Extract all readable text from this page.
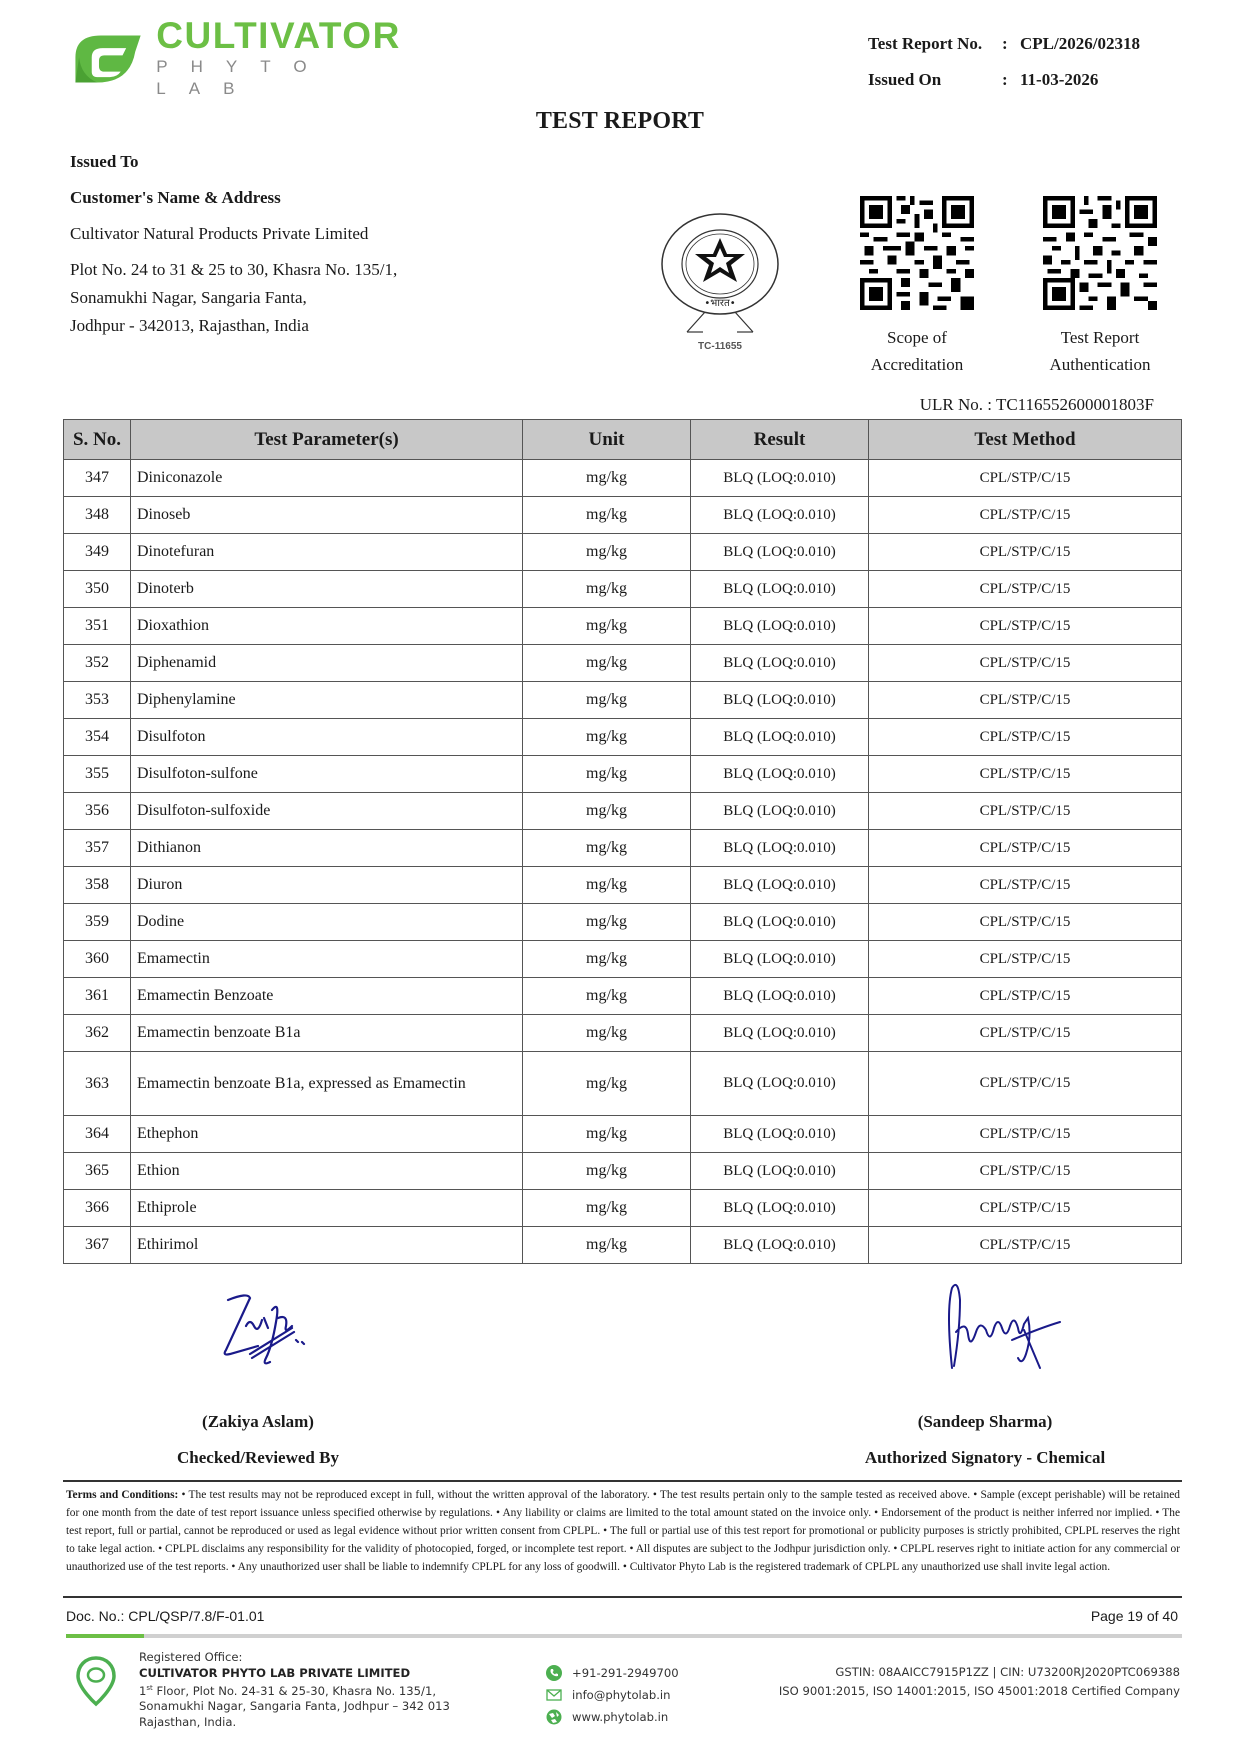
CULTIVATOR
PHYTO LAB
Test Report No.	: CPL/2026/02318
Issued On	: 11-03-2026
TEST REPORT
Issued To
Customer's Name & Address
Cultivator Natural Products Private Limited
Plot No. 24 to 31 & 25 to 30, Khasra No. 135/1,
Sonamukhi Nagar, Sangaria Fanta,
Jodhpur - 342013, Rajasthan, India
•भारत•
TC-11655	Scope of
Accreditation
Test Report
Authentication
ULR No. : TC116552600001803F
S. No.	Test Parameter(s)	Unit	Result	Test Method
347	Diniconazole	mg/kg	BLQ (LOQ:0.010)	CPL/STP/C/15
348	Dinoseb	mg/kg	BLQ (LOQ:0.010)	CPL/STP/C/15
349	Dinotefuran	mg/kg	BLQ (LOQ:0.010)	CPL/STP/C/15
350	Dinoterb	mg/kg	BLQ (LOQ:0.010)	CPL/STP/C/15
351	Dioxathion	mg/kg	BLQ (LOQ:0.010)	CPL/STP/C/15
352	Diphenamid	mg/kg	BLQ (LOQ:0.010)	CPL/STP/C/15
353	Diphenylamine	mg/kg	BLQ (LOQ:0.010)	CPL/STP/C/15
354	Disulfoton	mg/kg	BLQ (LOQ:0.010)	CPL/STP/C/15
355	Disulfoton-sulfone	mg/kg	BLQ (LOQ:0.010)	CPL/STP/C/15
356	Disulfoton-sulfoxide	mg/kg	BLQ (LOQ:0.010)	CPL/STP/C/15
357	Dithianon	mg/kg	BLQ (LOQ:0.010)	CPL/STP/C/15
358	Diuron	mg/kg	BLQ (LOQ:0.010)	CPL/STP/C/15
359	Dodine	mg/kg	BLQ (LOQ:0.010)	CPL/STP/C/15
360	Emamectin	mg/kg	BLQ (LOQ:0.010)	CPL/STP/C/15
361	Emamectin Benzoate	mg/kg	BLQ (LOQ:0.010)	CPL/STP/C/15
362	Emamectin benzoate B1a	mg/kg	BLQ (LOQ:0.010)	CPL/STP/C/15
363	Emamectin benzoate B1a, expressed as Emamectin	mg/kg	BLQ (LOQ:0.010)	CPL/STP/C/15
364	Ethephon	mg/kg	BLQ (LOQ:0.010)	CPL/STP/C/15
365	Ethion	mg/kg	BLQ (LOQ:0.010)	CPL/STP/C/15
366	Ethiprole	mg/kg	BLQ (LOQ:0.010)	CPL/STP/C/15
367	Ethirimol	mg/kg	BLQ (LOQ:0.010)	CPL/STP/C/15
(Zakiya Aslam)
Checked/Reviewed By
(Sandeep Sharma)
Authorized Signatory - Chemical
Terms and Conditions: • The test results may not be reproduced except in full, without the written approval of the laboratory. • The test results pertain only to the sample tested as received above. • Sample (except perishable) will be retained for one month from the date of test report issuance unless specified otherwise by regulations. • Any liability or claims are limited to the total amount stated on the invoice only. • Endorsement of the product is neither inferred nor implied. • The test report, full or partial, cannot be reproduced or used as legal evidence without prior written consent from CPLPL. • The full or partial use of this test report for promotional or publicity purposes is strictly prohibited, CPLPL reserves the right to take legal action. • CPLPL disclaims any responsibility for the validity of photocopied, forged, or incomplete test report. • All disputes are subject to the Jodhpur jurisdiction only. • CPLPL reserves right to initiate action for any commercial or unauthorized use of the test reports. • Any unauthorized user shall be liable to indemnify CPLPL for any loss of goodwill. • Cultivator Phyto Lab is the registered trademark of CPLPL any unauthorized use shall invite legal action.
Doc. No.: CPL/QSP/7.8/F-01.01	Page 19 of 40
Registered Office:
CULTIVATOR PHYTO LAB PRIVATE LIMITED
1st Floor, Plot No. 24-31 & 25-30, Khasra No. 135/1,
Sonamukhi Nagar, Sangaria Fanta, Jodhpur – 342 013
Rajasthan, India.
+91-291-2949700
info@phytolab.in
www.phytolab.in
GSTIN: 08AAICC7915P1ZZ | CIN: U73200RJ2020PTC069388
ISO 9001:2015, ISO 14001:2015, ISO 45001:2018 Certified Company
